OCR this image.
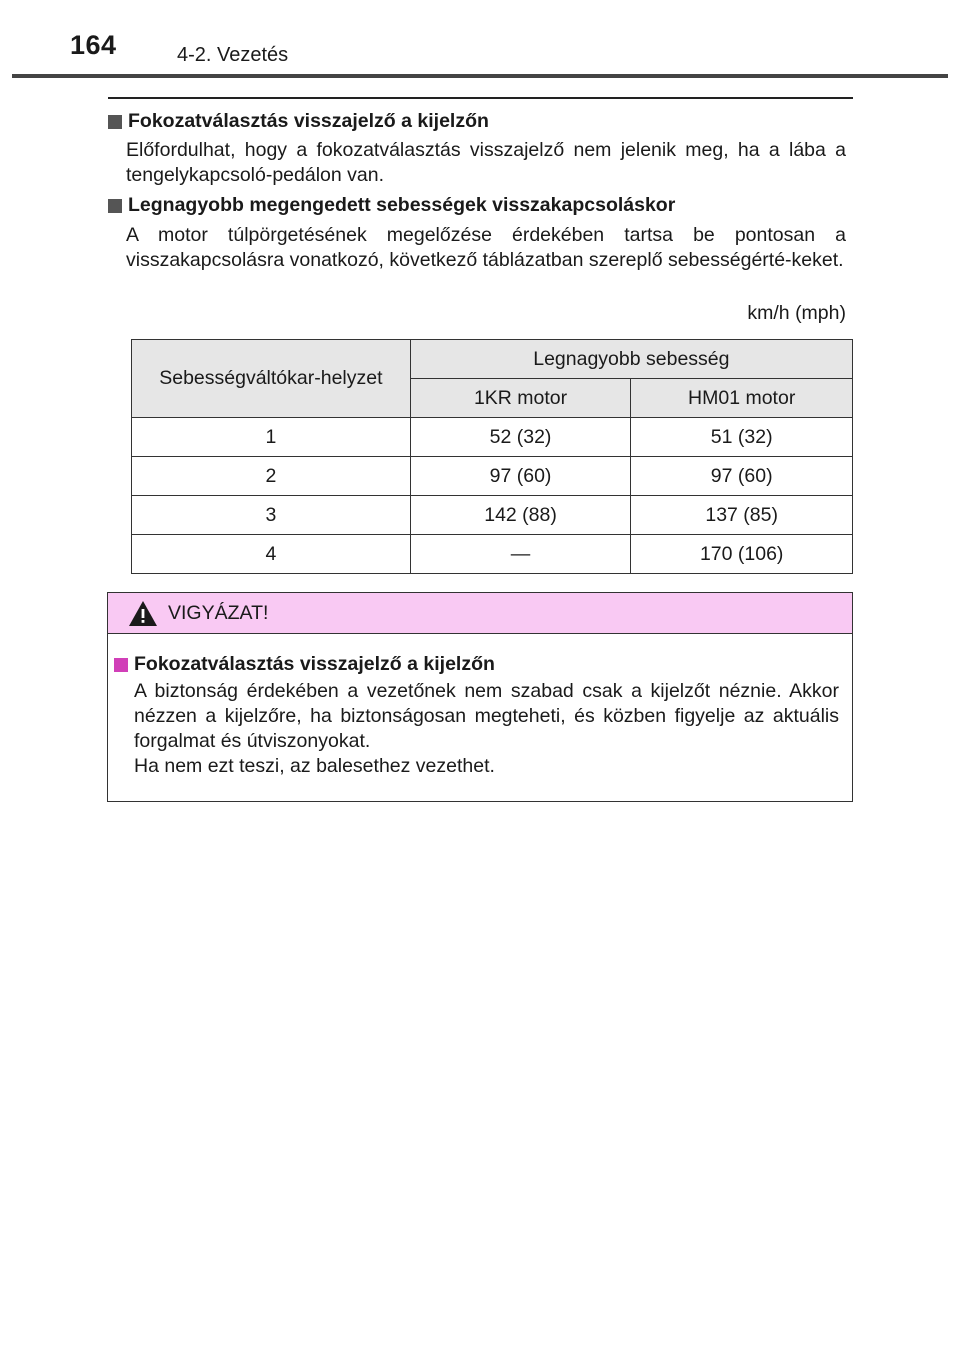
164	4-2. Vezetés
Fokozatválasztás visszajelző a kijelzőn
Előfordulhat, hogy a fokozatválasztás visszajelző nem jelenik meg, ha a lába a tengelykapcsoló-pedálon van.
Legnagyobb megengedett sebességek visszakapcsoláskor
A motor túlpörgetésének megelőzése érdekében tartsa be pontosan a visszakapcsolásra vonatkozó, következő táblázatban szereplő sebességérté-keket.
km/h (mph)
Sebességváltókar-helyzet	Legnagyobb sebesség	
	1KR motor	HM01 motor
1	52 (32)	51 (32)
2	97 (60)	97 (60)
3	142 (88)	137 (85)
4	—	170 (106)
VIGYÁZAT!
Fokozatválasztás visszajelző a kijelzőn
A biztonság érdekében a vezetőnek nem szabad csak a kijelzőt néznie. Akkor nézzen a kijelzőre, ha biztonságosan megteheti, és közben figyelje az aktuális forgalmat és útviszonyokat.
Ha nem ezt teszi, az balesethez vezethet.
